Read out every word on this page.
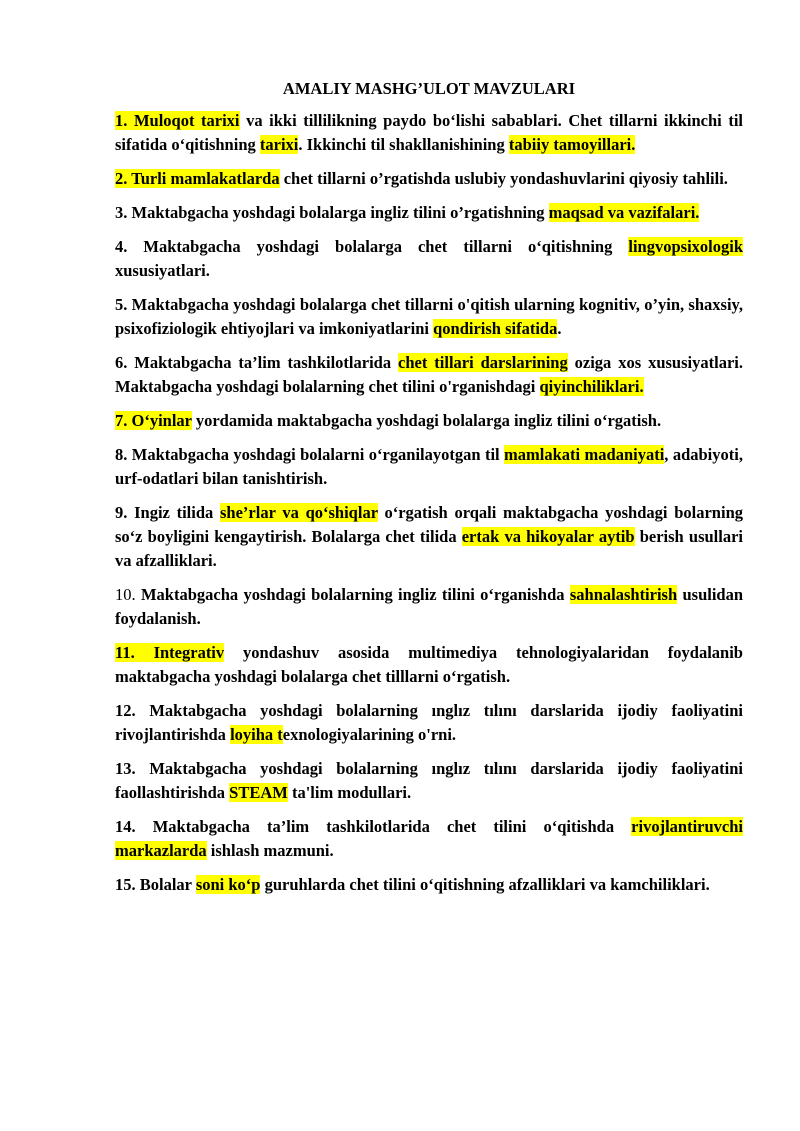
AMALIY MASHG’ULOT MAVZULARI

1. Muloqot tarixi va ikki tillilikning paydo bo‘lishi sabablari. Chet tillarni ikkinchi til sifatida o‘qitishning tarixi. Ikkinchi til shakllanishining tabiiy tamoyillari.

2. Turli mamlakatlarda chet tillarni o’rgatishda uslubiy yondashuvlarini qiyosiy tahlili.

3. Maktabgacha yoshdagi bolalarga ingliz tilini o’rgatishning maqsad va vazifalari.

4. Maktabgacha yoshdagi bolalarga chet tillarni o‘qitishning lingvopsixologik xususiyatlari.

5. Maktabgacha yoshdagi bolalarga chet tillarni o'qitish ularning kognitiv, o’yin, shaxsiy, psixofiziologik ehtiyojlari va imkoniyatlarini qondirish sifatida.

6. Maktabgacha ta’lim tashkilotlarida chet tillari darslarining oziga xos xususiyatlari. Maktabgacha yoshdagi bolalarning chet tilini o'rganishdagi qiyinchiliklari.

7. O‘yinlar yordamida maktabgacha yoshdagi bolalarga ingliz tilini o‘rgatish.

8. Maktabgacha yoshdagi bolalarni o‘rganilayotgan til mamlakati madaniyati, adabiyoti, urf-odatlari bilan tanishtirish.

9. Ingiz tilida she’rlar va qo‘shiqlar o‘rgatish orqali maktabgacha yoshdagi bolarning so‘z boyligini kengaytirish. Bolalarga chet tilida ertak va hikoyalar aytib berish usullari va afzalliklari.

10. Maktabgacha yoshdagi bolalarning ingliz tilini o‘rganishda sahnalashtirish usulidan foydalanish.

11. Integrativ yondashuv asosida multimediya tehnologiyalaridan foydalanib maktabgacha yoshdagi bolalarga chet tilllarni o‘rgatish.

12. Maktabgacha yoshdagi bolalarning ınglız tılını darslarida ijodiy faoliyatini rivojlantirishda loyiha texnologiyalarining o'rni.

13. Maktabgacha yoshdagi bolalarning ınglız tılını darslarida ijodiy faoliyatini faollashtirishda STEAM ta'lim modullari.

14. Maktabgacha ta’lim tashkilotlarida chet tilini o‘qitishda rivojlantiruvchi markazlarda ishlash mazmuni.

15. Bolalar soni ko‘p guruhlarda chet tilini o‘qitishning afzalliklari va kamchiliklari.
